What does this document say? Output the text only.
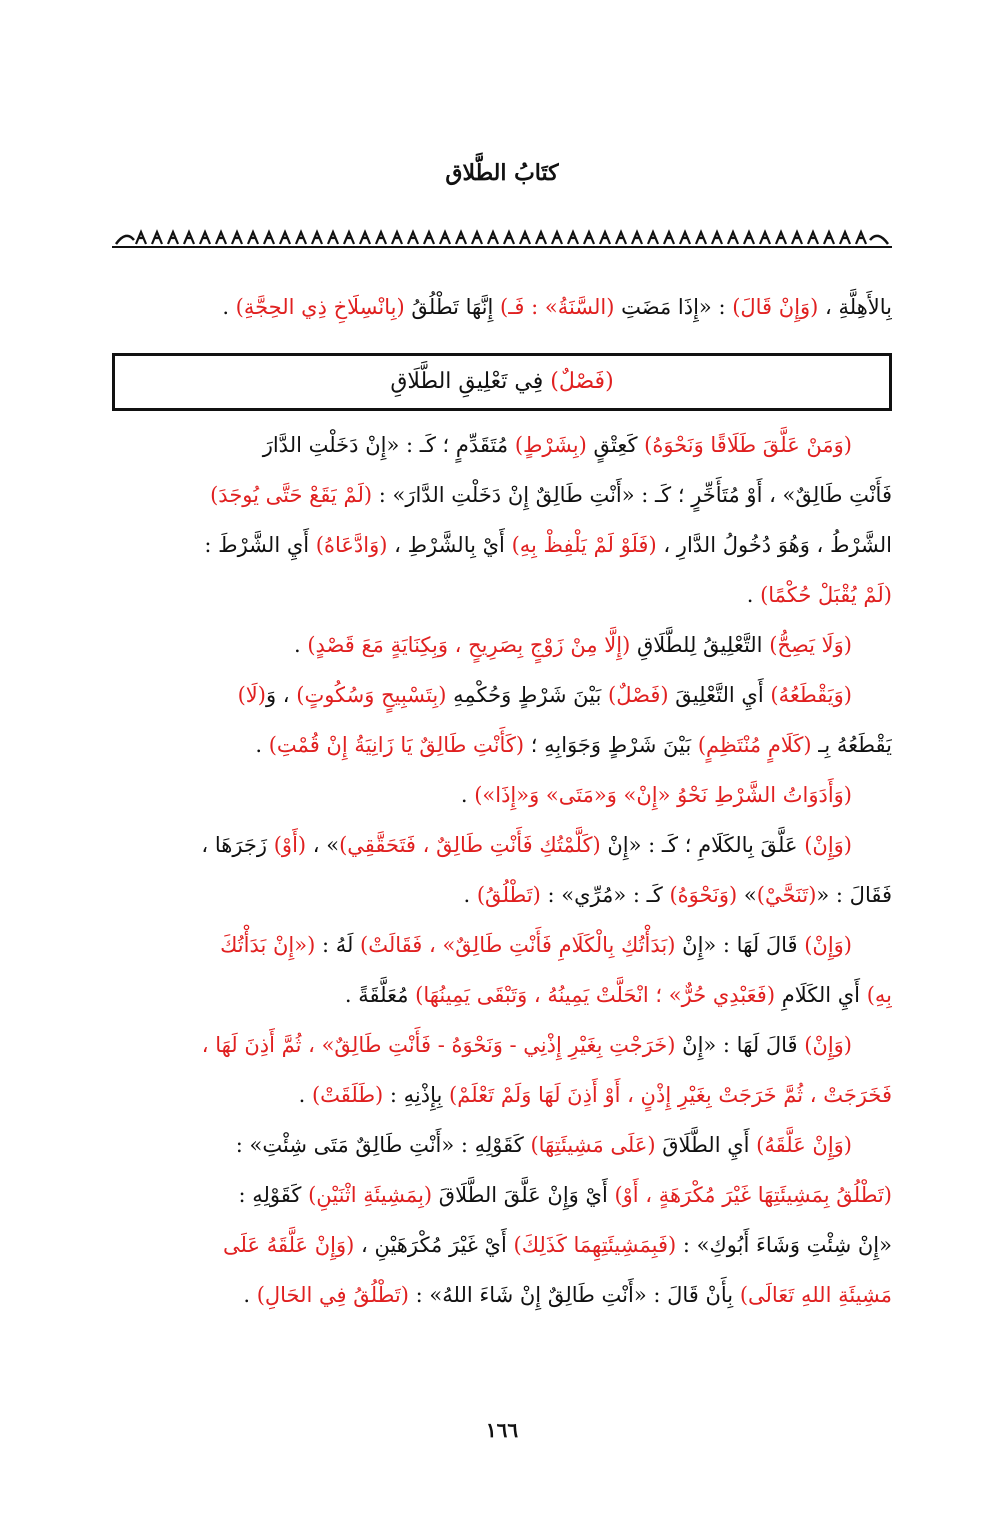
كتَابُ الطَّلاق
بِالأَهِلَّةِ ، (وَإِنْ قَالَ) : «إِذَا مَضَتِ (السَّنَةُ» : فَـ) إِنَّهَا تَطْلُقُ (بِانْسِلَاخِ ذِي الحِجَّةِ) .
(فَصْلٌ) فِي تَعْلِيقِ الطَّلَاقِ
(وَمَنْ عَلَّقَ طَلَاقًا وَنَحْوَهُ) كَعِتْقٍ (بِشَرْطٍ) مُتَقَدِّمٍ ؛ كَـ : «إِنْ دَخَلْتِ الدَّارَ
فَأَنْتِ طَالِقٌ» ، أَوْ مُتَأَخِّرٍ ؛ كَـ : «أَنْتِ طَالِقٌ إِنْ دَخَلْتِ الدَّارَ» : (لَمْ يَقَعْ حَتَّى يُوجَدَ)
الشَّرْطُ ، وَهُوَ دُخُولُ الدَّارِ ، (فَلَوْ لَمْ يَلْفِظْ بِهِ) أَيْ بِالشَّرْطِ ، (وَادَّعَاهُ) أَيِ الشَّرْطَ :
(لَمْ يُقْبَلْ حُكْمًا) .
(وَلَا يَصِحُّ) التَّعْلِيقُ لِلطَّلَاقِ (إِلَّا مِنْ زَوْجٍ بِصَرِيحٍ ، وَبِكِنَايَةٍ مَعَ قَصْدٍ) .
(وَيَقْطَعُهُ) أَيِ التَّعْلِيقَ (فَصْلٌ) بَيْنَ شَرْطٍ وَحُكْمِهِ (بِتَسْبِيحٍ وَسُكُوتٍ) ، وَ(لَا)
يَقْطَعُهُ بِـ (كَلَامٍ مُنْتَظِمٍ) بَيْنَ شَرْطٍ وَجَوَابِهِ ؛ (كَأَنْتِ طَالِقٌ يَا زَانِيَةُ إِنْ قُمْتِ) .
(وَأَدَوَاتُ الشَّرْطِ نَحْوُ «إِنْ» وَ«مَتَى» وَ«إِذَا») .
(وَإِنْ) عَلَّقَ بِالكَلَامِ ؛ كَـ : «إِنْ (كَلَّمْتُكِ فَأَنْتِ طَالِقٌ ، فَتَحَقَّقِي)» ، (أَوْ) زَجَرَهَا ،
فَقَالَ : «(تَنَحَّيْ)» (وَنَحْوَهُ) كَـ : «مُرِّي» : (تَطْلُقُ) .
(وَإِنْ) قَالَ لَهَا : «إِنْ (بَدَأْتُكِ بِالْكَلَامِ فَأَنْتِ طَالِقٌ» ، فَقَالَتْ) لَهُ : («إِنْ بَدَأْتُكَ
بِهِ) أَيِ الكَلَامِ (فَعَبْدِي حُرٌّ» ؛ انْحَلَّتْ يَمِينُهُ ، وَتَبْقَى يَمِينُهَا) مُعَلَّقَةً .
(وَإِنْ) قَالَ لَهَا : «إِنْ (خَرَجْتِ بِغَيْرِ إِذْنِي - وَنَحْوَهُ - فَأَنْتِ طَالِقٌ» ، ثُمَّ أَذِنَ لَهَا ،
فَخَرَجَتْ ، ثُمَّ خَرَجَتْ بِغَيْرِ إِذْنٍ ، أَوْ أَذِنَ لَهَا وَلَمْ تَعْلَمْ) بِإِذْنِهِ : (طَلَقَتْ) .
(وَإِنْ عَلَّقَهُ) أَيِ الطَّلَاقَ (عَلَى مَشِيئَتِهَا) كَقَوْلِهِ : «أَنْتِ طَالِقٌ مَتَى شِئْتِ» :
(تَطْلُقُ بِمَشِيئَتِهَا غَيْرَ مُكْرَهَةٍ ، أَوْ) أَيْ وَإِنْ عَلَّقَ الطَّلَاقَ (بِمَشِيئَةِ اثْنَيْنِ) كَقَوْلِهِ :
«إِنْ شِئْتِ وَشَاءَ أَبُوكِ» : (فَبِمَشِيئَتِهِمَا كَذَلِكَ) أَيْ غَيْرَ مُكْرَهَيْنِ ، (وَإِنْ عَلَّقَهُ عَلَى
مَشِيئَةِ اللهِ تَعَالَى) بِأَنْ قَالَ : «أَنْتِ طَالِقٌ إِنْ شَاءَ اللهُ» : (تَطْلُقُ فِي الحَالِ) .
١٦٦
